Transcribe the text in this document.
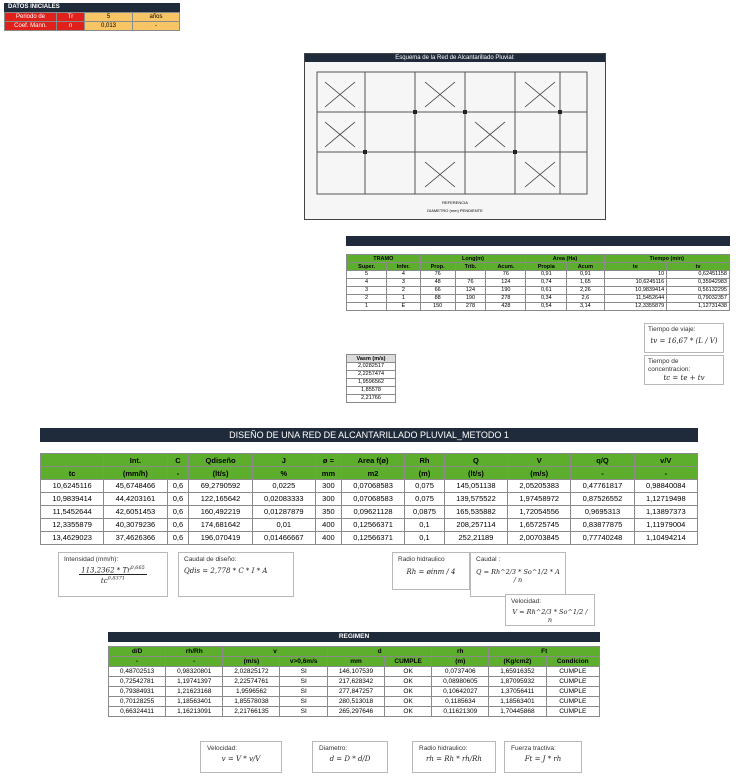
DATOS INICIALES
Periodo de	Tr	5	años
Coef. Mann.	n	0,013	-
Esquema de la Red de Alcantarillado Pluvial:
REFERENCIA
DIAMETRO (mm) PENDIENTE
TRAMO		Long(m)			Area (Ha)		Tiempo (min)	
Super.	Infer.	Prop.	Trib.	Acum.	Propia	Acum	te	tv
5	4	76		76	0,91	0,91	10	0,62451158
4	3	48	76	124	0,74	1,65	10,6245116	0,35942983
3	2	66	124	190	0,61	2,26	10,9839414	0,56132295
2	1	88	190	278	0,34	2,6	11,5452644	0,79032357
1	E	150	278	428	0,54	3,14	12,3355879	1,12731438
Tiempo de viaje:
tv = 16,67 * (L / V)
Tiempo de concentracion:
tc = te + tv
Vasm (m/s)
2,0282517
2,2257474
1,9596562
1,85578
2,21766
DISEÑO DE UNA RED DE ALCANTARILLADO PLUVIAL_METODO 1
	Int.	C	Qdiseño	J	ø =	Area f(ø)	Rh	Q	V	q/Q	v/V
tc	(mm/h)	-	(lt/s)	%	mm	m2	(m)	(lt/s)	(m/s)	-	-
10,6245116	45,6748466	0,6	69,2790592	0,0225	300	0,07068583	0,075	145,051138	2,05205383	0,47761817	0,98840084
10,9839414	44,4203161	0,6	122,165642	0,02083333	300	0,07068583	0,075	139,575522	1,97458972	0,87526552	1,12719498
11,5452644	42,6051453	0,6	160,492219	0,01287879	350	0,09621128	0,0875	165,535882	1,72054556	0,9695313	1,13897373
12,3355879	40,3079236	0,6	174,681642	0,01	400	0,12566371	0,1	208,257114	1,65725745	0,83877875	1,11979004
13,4629023	37,4626366	0,6	196,070419	0,01466667	400	0,12566371	0,1	252,21189	2,00703845	0,77740248	1,10494214
Intensidad (mm/h):
113,2362 * Tr$^{0,665}$
$tc^{0,8371}$
Caudal de diseño:
Qdis = 2,778 * C * I * A
Radio hidraulico
Rh = øinm / 4
Caudal :
Q = Rh^2/3 * So^1/2 * A / n
Velocidad:
V = Rh^2/3 * So^1/2 / n
REGIMEN
d/D	rh/Rh	v		d		rh	Ft	
-	-	(m/s)	v>0,6m/s	mm	CUMPLE	(m)	(Kg/cm2)	Condicion
0,48702513	0,98320801	2,02825172	SI	146,107539	OK	0,0737406	1,65916352	CUMPLE
0,72542781	1,19741397	2,22574761	SI	217,628342	OK	0,08980605	1,87095932	CUMPLE
0,79384931	1,21623168	1,9596562	SI	277,847257	OK	0,10642027	1,37056411	CUMPLE
0,70128255	1,18563401	1,85578038	SI	280,513018	OK	0,1185634	1,18563401	CUMPLE
0,66324411	1,16213091	2,21766135	SI	265,297646	OK	0,11621309	1,70445868	CUMPLE
Velocidad:
v = V * v/V
Diametro:
d = D * d/D
Radio hidraulico:
rh = Rh * rh/Rh
Fuerza tractiva:
Ft = J * rh
